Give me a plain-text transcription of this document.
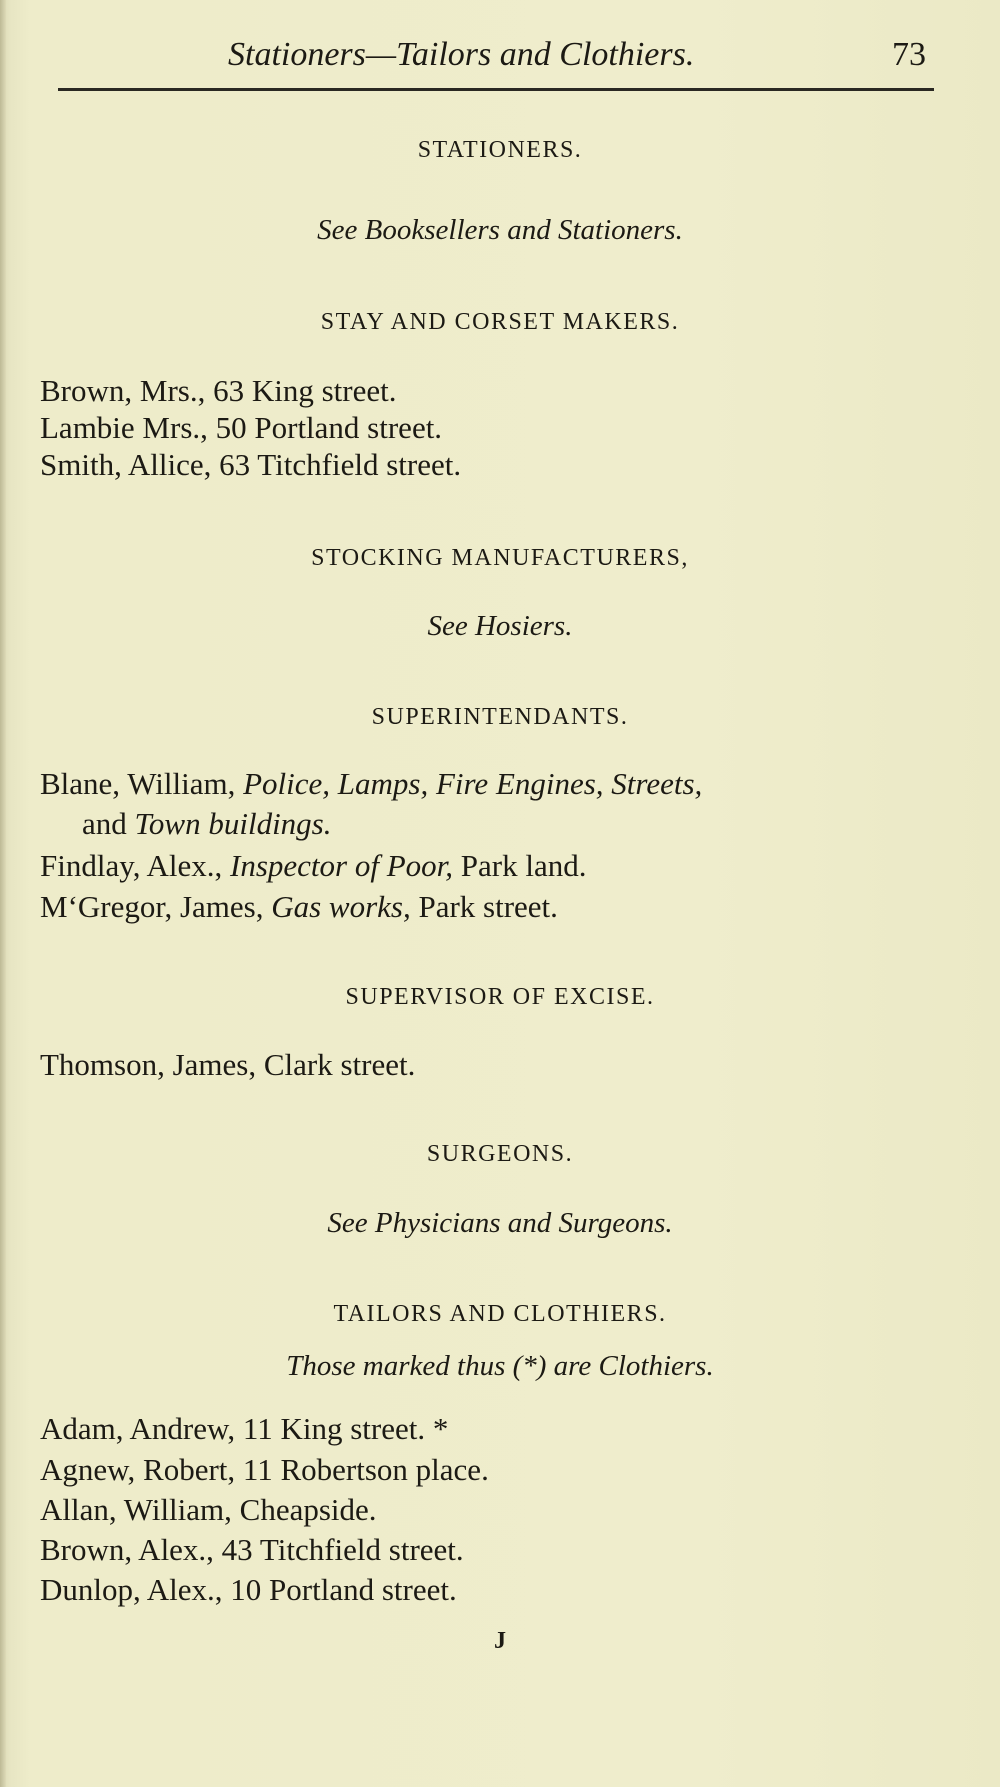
Stationers—Tailors and Clothiers.	73
STATIONERS.
See Booksellers and Stationers.
STAY AND CORSET MAKERS.
Brown, Mrs., 63 King street.
Lambie Mrs., 50 Portland street.
Smith, Allice, 63 Titchfield street.
STOCKING MANUFACTURERS,
See Hosiers.
SUPERINTENDANTS.
Blane, William, Police, Lamps, Fire Engines, Streets,
and Town buildings.
Findlay, Alex., Inspector of Poor, Park land.
M‘Gregor, James, Gas works, Park street.
SUPERVISOR OF EXCISE.
Thomson, James, Clark street.
SURGEONS.
See Physicians and Surgeons.
TAILORS AND CLOTHIERS.
Those marked thus (*) are Clothiers.
Adam, Andrew, 11 King street. *
Agnew, Robert, 11 Robertson place.
Allan, William, Cheapside.
Brown, Alex., 43 Titchfield street.
Dunlop, Alex., 10 Portland street.
J
